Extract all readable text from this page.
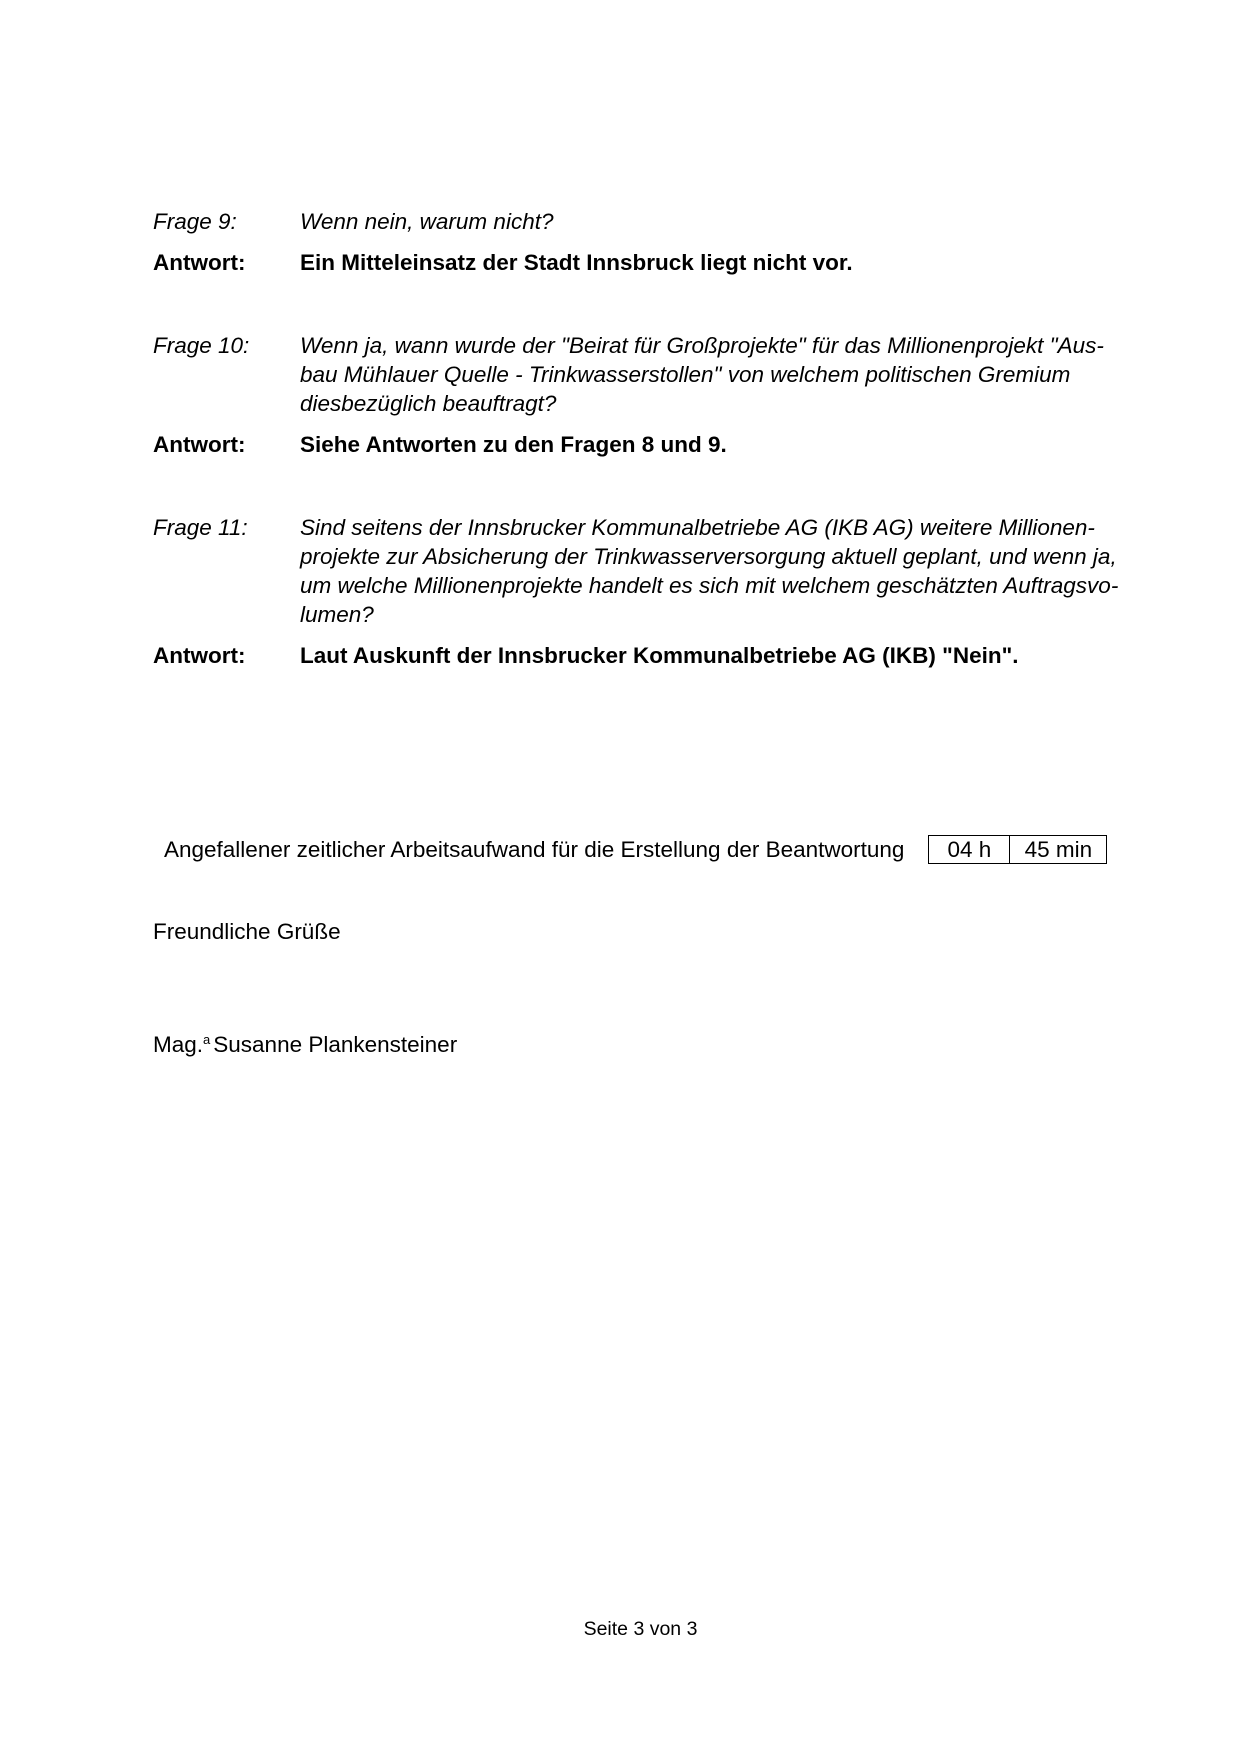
Frage 9:	Wenn nein, warum nicht?
Antwort:	Ein Mitteleinsatz der Stadt Innsbruck liegt nicht vor.
Frage 10:	Wenn ja, wann wurde der "Beirat für Großprojekte" für das Millionenprojekt "Aus-
bau Mühlauer Quelle - Trinkwasserstollen" von welchem politischen Gremium
diesbezüglich beauftragt?
Antwort:	Siehe Antworten zu den Fragen 8 und 9.
Frage 11:	Sind seitens der Innsbrucker Kommunalbetriebe AG (IKB AG) weitere Millionen-
projekte zur Absicherung der Trinkwasserversorgung aktuell geplant, und wenn ja,
um welche Millionenprojekte handelt es sich mit welchem geschätzten Auftragsvo-
lumen?
Antwort:	Laut Auskunft der Innsbrucker Kommunalbetriebe AG (IKB) "Nein".
Angefallener zeitlicher Arbeitsaufwand für die Erstellung der Beantwortung	04 h	45 min
Freundliche Grüße
Mag.$^a$ Susanne Plankensteiner
Seite 3 von 3
